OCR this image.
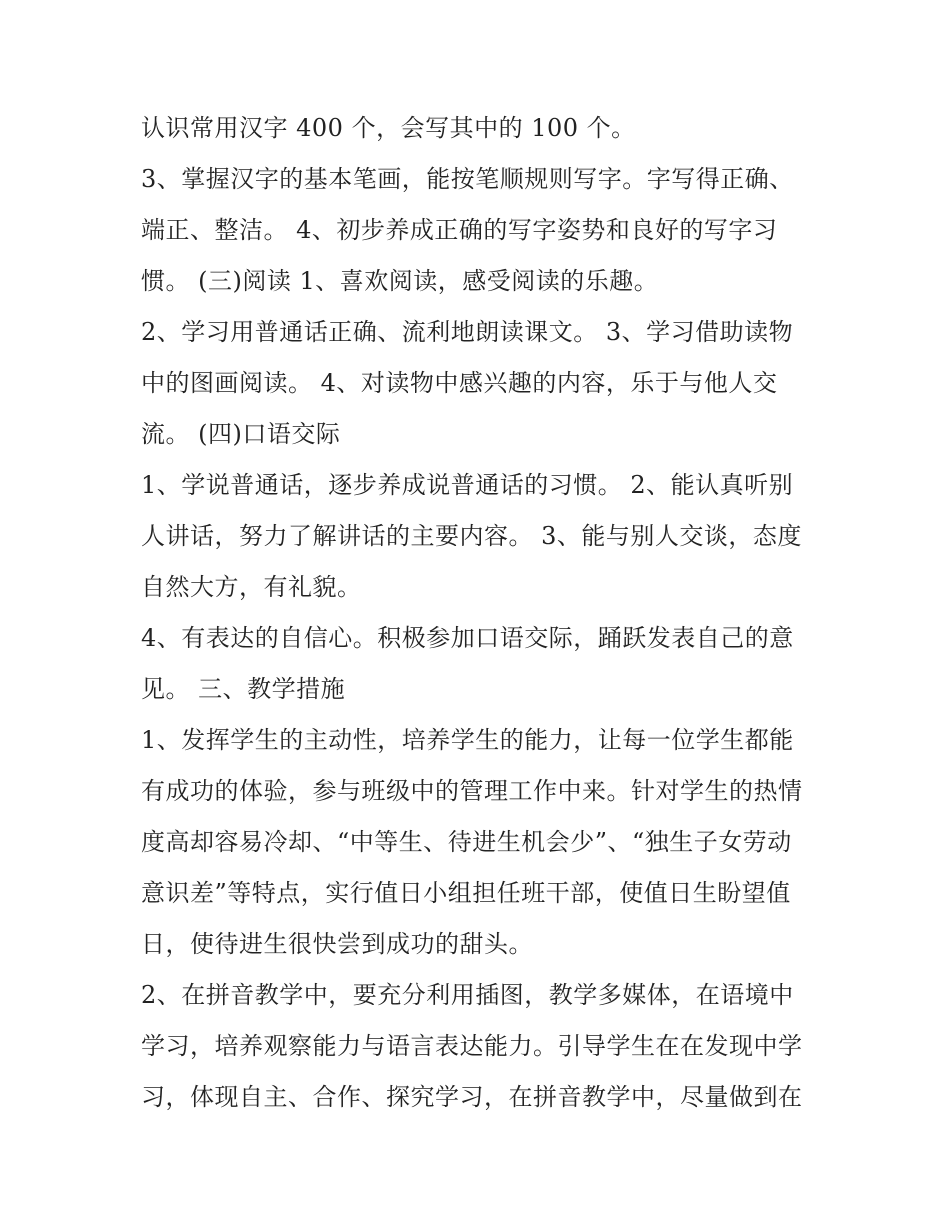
认识常用汉字 400 个，会写其中的 100 个。
3、掌握汉字的基本笔画，能按笔顺规则写字。字写得正确、
端正、整洁。 4、初步养成正确的写字姿势和良好的写字习
惯。 (三)阅读 1、喜欢阅读，感受阅读的乐趣。
2、学习用普通话正确、流利地朗读课文。 3、学习借助读物
中的图画阅读。 4、对读物中感兴趣的内容，乐于与他人交
流。 (四)口语交际
1、学说普通话，逐步养成说普通话的习惯。 2、能认真听别
人讲话，努力了解讲话的主要内容。 3、能与别人交谈，态度
自然大方，有礼貌。
4、有表达的自信心。积极参加口语交际，踊跃发表自己的意
见。 三、教学措施
1、发挥学生的主动性，培养学生的能力，让每一位学生都能
有成功的体验，参与班级中的管理工作中来。针对学生的热情
度高却容易冷却、“中等生、待进生机会少”、“独生子女劳动
意识差”等特点，实行值日小组担任班干部，使值日生盼望值
日，使待进生很快尝到成功的甜头。
2、在拼音教学中，要充分利用插图，教学多媒体，在语境中
学习，培养观察能力与语言表达能力。引导学生在在发现中学
习，体现自主、合作、探究学习，在拼音教学中，尽量做到在
